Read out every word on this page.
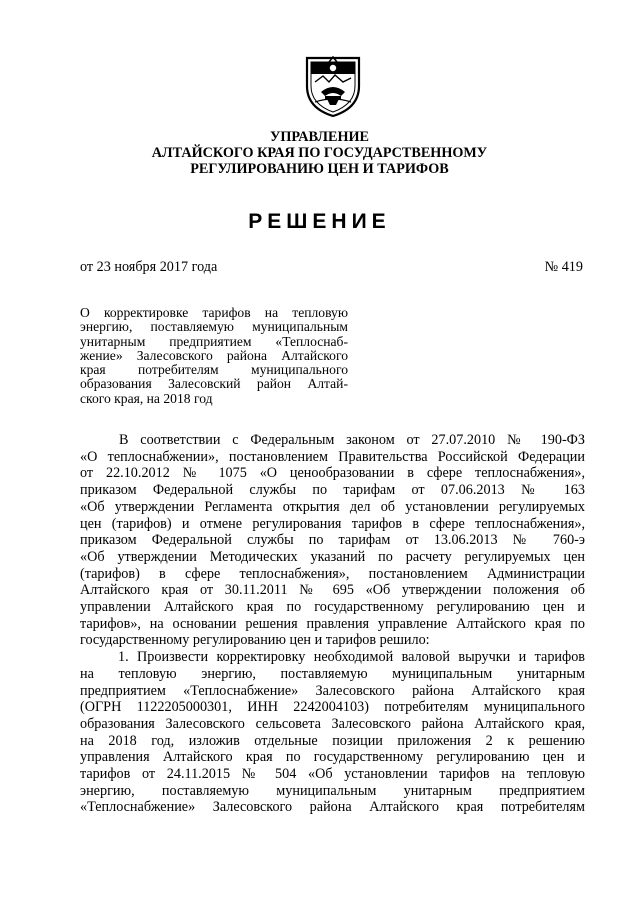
УПРАВЛЕНИЕ
АЛТАЙСКОГО КРАЯ ПО ГОСУДАРСТВЕННОМУ
РЕГУЛИРОВАНИЮ ЦЕН И ТАРИФОВ
РЕШЕНИЕ
от 23 ноября 2017 года	№ 419
О корректировке тарифов на тепловую
энергию, поставляемую муниципальным
унитарным предприятием «Теплоснаб-
жение» Залесовского района Алтайского
края потребителям муниципального
образования Залесовский район Алтай-
ского края, на 2018 год
В соответствии с Федеральным законом от 27.07.2010 № 190-ФЗ
«О теплоснабжении», постановлением Правительства Российской Федерации
от 22.10.2012 № 1075 «О ценообразовании в сфере теплоснабжения»,
приказом Федеральной службы по тарифам от 07.06.2013 № 163
«Об утверждении Регламента открытия дел об установлении регулируемых
цен (тарифов) и отмене регулирования тарифов в сфере теплоснабжения»,
приказом Федеральной службы по тарифам от 13.06.2013 № 760-э
«Об утверждении Методических указаний по расчету регулируемых цен
(тарифов) в сфере теплоснабжения», постановлением Администрации
Алтайского края от 30.11.2011 № 695 «Об утверждении положения об
управлении Алтайского края по государственному регулированию цен и
тарифов», на основании решения правления управление Алтайского края по
государственному регулированию цен и тарифов решило:
1. Произвести корректировку необходимой валовой выручки и тарифов
на тепловую энергию, поставляемую муниципальным унитарным
предприятием «Теплоснабжение» Залесовского района Алтайского края
(ОГРН 1122205000301, ИНН 2242004103) потребителям муниципального
образования Залесовского сельсовета Залесовского района Алтайского края,
на 2018 год, изложив отдельные позиции приложения 2 к решению
управления Алтайского края по государственному регулированию цен и
тарифов от 24.11.2015 № 504 «Об установлении тарифов на тепловую
энергию, поставляемую муниципальным унитарным предприятием
«Теплоснабжение» Залесовского района Алтайского края потребителям
